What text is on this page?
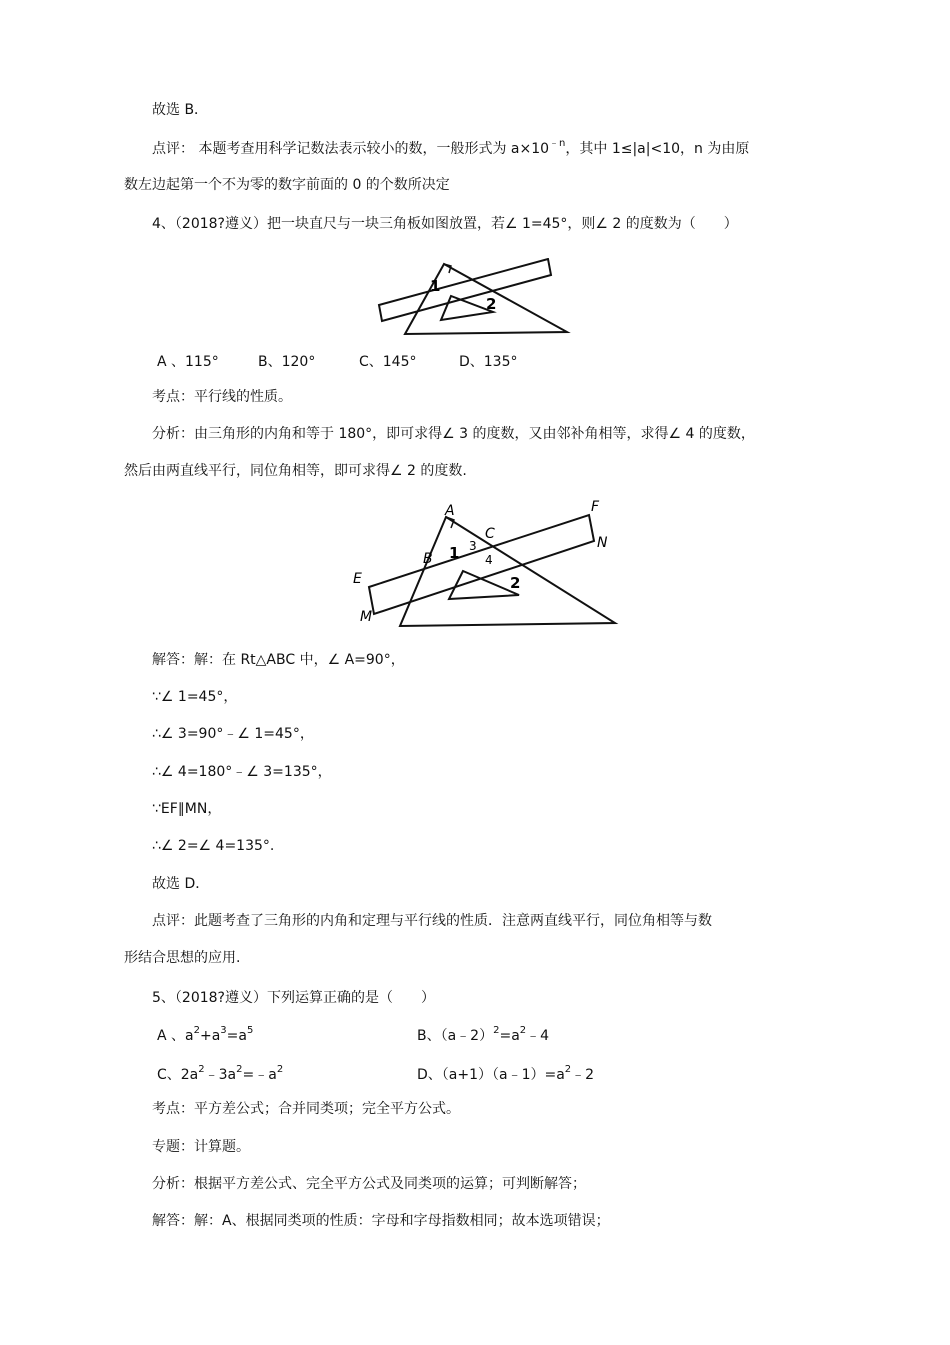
故选 B．
点评： 本题考查用科学记数法表示较小的数，一般形式为 $a\times 10^{﹣n}$，其中 1≤|a|<10，n 为由原
数左边起第一个不为零的数字前面的 0 的个数所决定
4、（2018?遵义）把一块直尺与一块三角板如图放置，若∠ 1=45°，则∠ 2 的度数为（　　）
1
2
A 、115°	B、120°	C、145°	D、135°
考点：平行线的性质。
分析：由三角形的内角和等于 180°，即可求得∠ 3 的度数，又由邻补角相等，求得∠ 4 的度数，
然后由两直线平行，同位角相等，即可求得∠ 2 的度数.
A	F
N
C
B 1 3
4
2
E
M
解答：解：在 Rt△ABC 中，∠ A=90°，
∵∠ 1=45°，
∴∠ 3=90°﹣∠ 1=45°，
∴∠ 4=180°﹣∠ 3=135°，
∵EF∥MN，
∴∠ 2=∠ 4=135°.
故选 D．
点评：此题考查了三角形的内角和定理与平行线的性质．注意两直线平行，同位角相等与数
形结合思想的应用.
5、（2018?遵义）下列运算正确的是（　　）
A 、$a^2+a^3=a^5$	B、$(a﹣2)^2=a^2﹣4$
C、$2a^2﹣3a^2=﹣a^2$	D、$(a+1)(a﹣1)=a^2﹣2$
考点：平方差公式；合并同类项；完全平方公式。
专题：计算题。
分析：根据平方差公式、完全平方公式及同类项的运算；可判断解答；
解答：解：A、根据同类项的性质：字母和字母指数相同；故本选项错误；
